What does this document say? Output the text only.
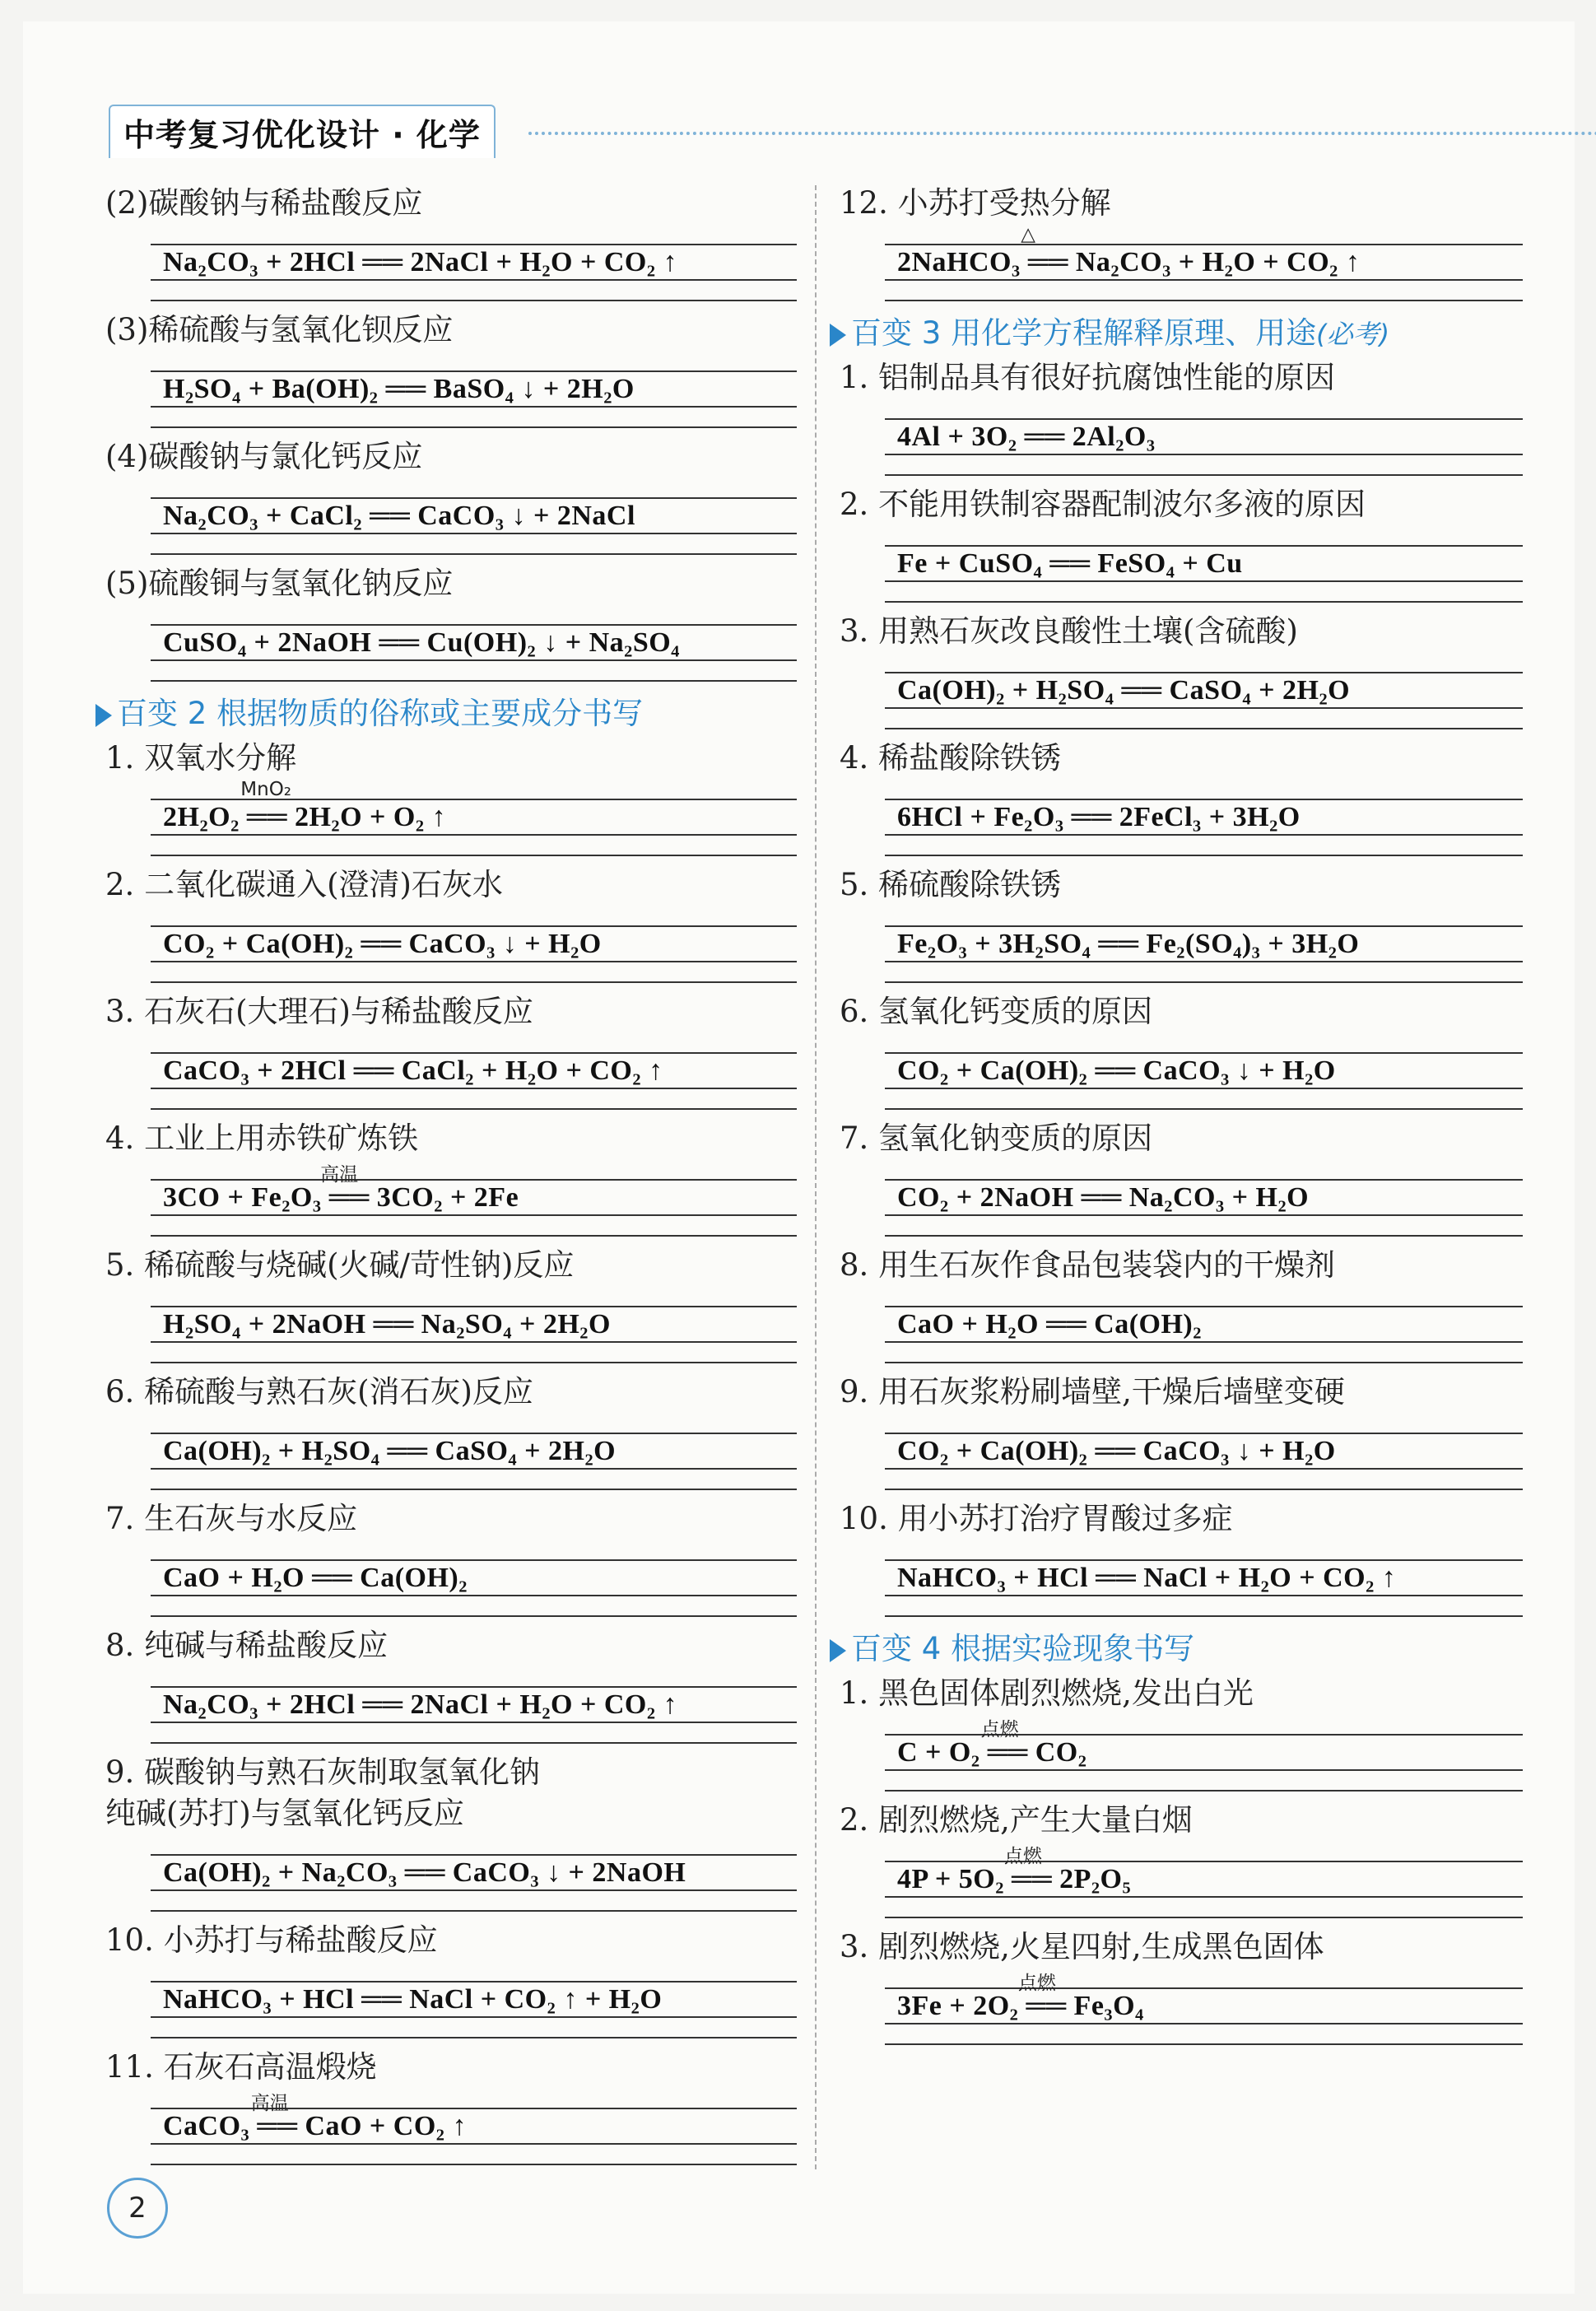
中考复习优化设计 · 化学
(2)碳酸钠与稀盐酸反应
Na₂CO₃ + 2HCl ══ 2NaCl + H₂O + CO₂ ↑
(3)稀硫酸与氢氧化钡反应
H₂SO₄ + Ba(OH)₂ ══ BaSO₄ ↓ + 2H₂O
(4)碳酸钠与氯化钙反应
Na₂CO₃ + CaCl₂ ══ CaCO₃ ↓ + 2NaCl
(5)硫酸铜与氢氧化钠反应
CuSO₄ + 2NaOH ══ Cu(OH)₂ ↓ + Na₂SO₄
百变 2 根据物质的俗称或主要成分书写
1. 双氧水分解
2H₂O₂ ══ 2H₂O + O₂ ↑
MnO₂
2. 二氧化碳通入(澄清)石灰水
CO₂ + Ca(OH)₂ ══ CaCO₃ ↓ + H₂O
3. 石灰石(大理石)与稀盐酸反应
CaCO₃ + 2HCl ══ CaCl₂ + H₂O + CO₂ ↑
4. 工业上用赤铁矿炼铁
3CO + Fe₂O₃ ══ 3CO₂ + 2Fe
高温
5. 稀硫酸与烧碱(火碱/苛性钠)反应
H₂SO₄ + 2NaOH ══ Na₂SO₄ + 2H₂O
6. 稀硫酸与熟石灰(消石灰)反应
Ca(OH)₂ + H₂SO₄ ══ CaSO₄ + 2H₂O
7. 生石灰与水反应
CaO + H₂O ══ Ca(OH)₂
8. 纯碱与稀盐酸反应
Na₂CO₃ + 2HCl ══ 2NaCl + H₂O + CO₂ ↑
9. 碳酸钠与熟石灰制取氢氧化钠
纯碱(苏打)与氢氧化钙反应
Ca(OH)₂ + Na₂CO₃ ══ CaCO₃ ↓ + 2NaOH
10. 小苏打与稀盐酸反应
NaHCO₃ + HCl ══ NaCl + CO₂ ↑ + H₂O
11. 石灰石高温煅烧
CaCO₃ ══ CaO + CO₂ ↑
高温
12. 小苏打受热分解
2NaHCO₃ ══ Na₂CO₃ + H₂O + CO₂ ↑
△
百变 3 用化学方程解释原理、用途(必考)
1. 铝制品具有很好抗腐蚀性能的原因
4Al + 3O₂ ══ 2Al₂O₃
2. 不能用铁制容器配制波尔多液的原因
Fe + CuSO₄ ══ FeSO₄ + Cu
3. 用熟石灰改良酸性土壤(含硫酸)
Ca(OH)₂ + H₂SO₄ ══ CaSO₄ + 2H₂O
4. 稀盐酸除铁锈
6HCl + Fe₂O₃ ══ 2FeCl₃ + 3H₂O
5. 稀硫酸除铁锈
Fe₂O₃ + 3H₂SO₄ ══ Fe₂(SO₄)₃ + 3H₂O
6. 氢氧化钙变质的原因
CO₂ + Ca(OH)₂ ══ CaCO₃ ↓ + H₂O
7. 氢氧化钠变质的原因
CO₂ + 2NaOH ══ Na₂CO₃ + H₂O
8. 用生石灰作食品包装袋内的干燥剂
CaO + H₂O ══ Ca(OH)₂
9. 用石灰浆粉刷墙壁,干燥后墙壁变硬
CO₂ + Ca(OH)₂ ══ CaCO₃ ↓ + H₂O
10. 用小苏打治疗胃酸过多症
NaHCO₃ + HCl ══ NaCl + H₂O + CO₂ ↑
百变 4 根据实验现象书写
1. 黑色固体剧烈燃烧,发出白光
C + O₂ ══ CO₂
点燃
2. 剧烈燃烧,产生大量白烟
4P + 5O₂ ══ 2P₂O₅
点燃
3. 剧烈燃烧,火星四射,生成黑色固体
3Fe + 2O₂ ══ Fe₃O₄
点燃
2
